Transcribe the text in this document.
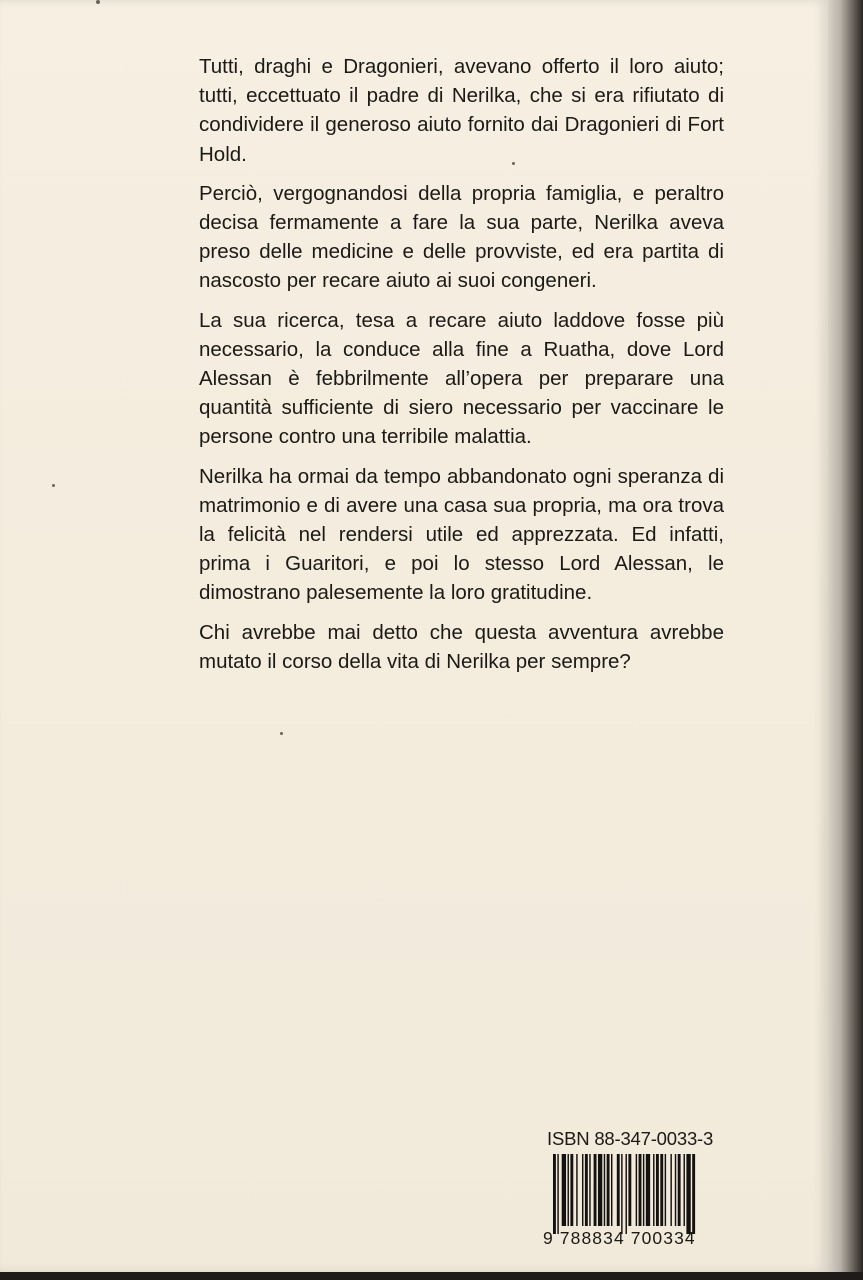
Tutti, draghi e Dragonieri, avevano offerto il loro aiuto; tutti, eccettuato il padre di Nerilka, che si era rifiutato di condividere il generoso aiuto fornito dai Dragonieri di Fort Hold.

Perciò, vergognandosi della propria famiglia, e peraltro decisa fermamente a fare la sua parte, Nerilka aveva preso delle medicine e delle provviste, ed era partita di nascosto per recare aiuto ai suoi congeneri.

La sua ricerca, tesa a recare aiuto laddove fosse più necessario, la conduce alla fine a Ruatha, dove Lord Alessan è febbrilmente all’opera per preparare una quantità sufficiente di siero necessario per vaccinare le persone contro una terribile malattia.

Nerilka ha ormai da tempo abbandonato ogni speranza di matrimonio e di avere una casa sua propria, ma ora trova la felicità nel rendersi utile ed apprezzata. Ed infatti, prima i Guaritori, e poi lo stesso Lord Alessan, le dimostrano palesemente la loro gratitudine.

Chi avrebbe mai detto che questa avventura avrebbe mutato il corso della vita di Nerilka per sempre?

ISBN 88-347-0033-3
9 788834 700334
